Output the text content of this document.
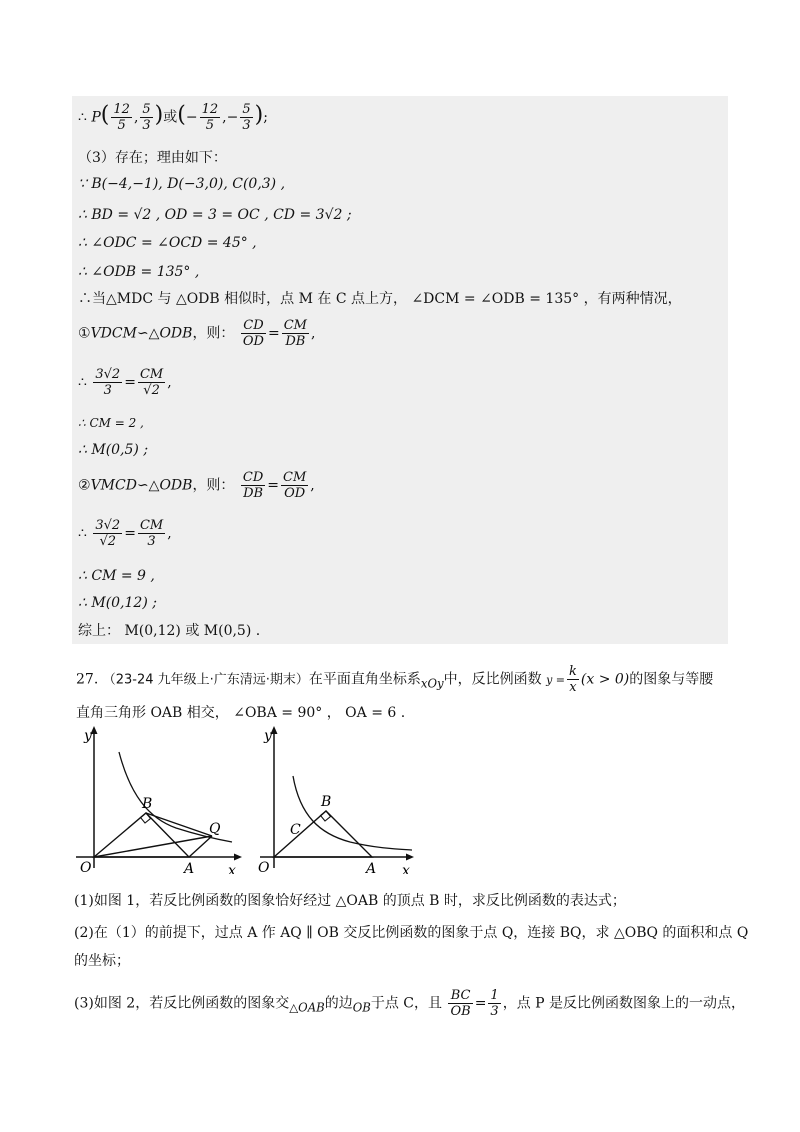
∴ $P( \frac{12}{5}$ , $\frac{5}{3}$ )或(− $\frac{12}{5}$ ,− $\frac{5}{3}$ );
（3）存在；理由如下：
∵ B(−4,−1), D(−3,0), C(0,3) ,
∴ BD = √2 , OD = 3 = OC , CD = 3√2 ;
∴ ∠ODC = ∠OCD = 45° ,
∴ ∠ODB = 135° ,
∴当△MDC 与 △ODB 相似时，点 M 在 C 点上方， ∠DCM = ∠ODB = 135° ，有两种情况，
①VDCM∽△ODB，则： $\frac{CD}{OD} = \frac{CM}{DB}$ ,
∴ $\frac{3√2}{3} = \frac{CM}{√2}$ ,
∴ CM = 2 ,
∴ M(0,5) ;
②VMCD∽△ODB，则： $\frac{CD}{DB} = \frac{CM}{OD}$ ,
∴ $\frac{3√2}{√2} = \frac{CM}{3}$ ,
∴ CM = 9 ,
∴ M(0,12) ;
综上： M(0,12) 或 M(0,5) .
27. （23-24 九年级上·广东清远·期末）在平面直角坐标系$_{xOy}$中，反比例函数 $y = \frac{k}{x} (x > 0)$的图象与等腰
直角三角形 OAB 相交， ∠OBA = 90° ， OA = 6 .
y
x
O	A
B
Q
y
x
O	A
B
C
(1)如图 1，若反比例函数的图象恰好经过 △OAB 的顶点 B 时，求反比例函数的表达式；
(2)在（1）的前提下，过点 A 作 AQ ∥ OB 交反比例函数的图象于点 Q，连接 BQ，求 △OBQ 的面积和点 Q
的坐标；
(3)如图 2，若反比例函数的图象交$_{\triangle OAB}$的边$_{OB}$于点 C，且 $\frac{BC}{OB} = \frac{1}{3}$ ，点 P 是反比例函数图象上的一动点，
